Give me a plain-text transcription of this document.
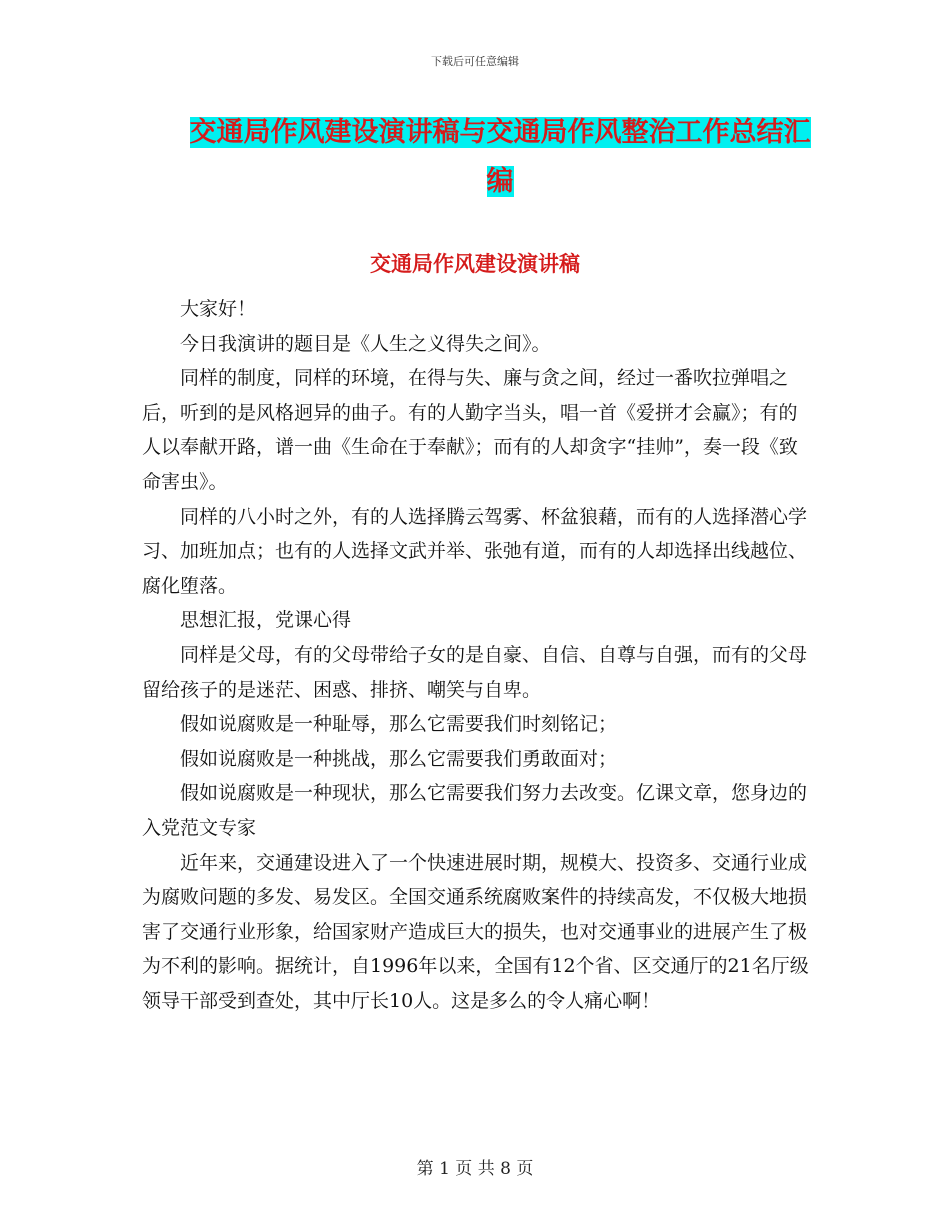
下载后可任意编辑
交通局作风建设演讲稿与交通局作风整治工作总结汇编
交通局作风建设演讲稿

大家好！

今日我演讲的题目是《人生之义得失之间》。

同样的制度，同样的环境，在得与失、廉与贪之间，经过一番吹拉弹唱之后，听到的是风格迥异的曲子。有的人勤字当头，唱一首《爱拼才会赢》；有的人以奉献开路，谱一曲《生命在于奉献》；而有的人却贪字“挂帅”，奏一段《致命害虫》。

同样的八小时之外，有的人选择腾云驾雾、杯盆狼藉，而有的人选择潜心学习、加班加点；也有的人选择文武并举、张弛有道，而有的人却选择出线越位、腐化堕落。

思想汇报，党课心得

同样是父母，有的父母带给子女的是自豪、自信、自尊与自强，而有的父母留给孩子的是迷茫、困惑、排挤、嘲笑与自卑。

假如说腐败是一种耻辱，那么它需要我们时刻铭记；

假如说腐败是一种挑战，那么它需要我们勇敢面对；

假如说腐败是一种现状，那么它需要我们努力去改变。亿课文章，您身边的入党范文专家

近年来，交通建设进入了一个快速进展时期，规模大、投资多、交通行业成为腐败问题的多发、易发区。全国交通系统腐败案件的持续高发，不仅极大地损害了交通行业形象，给国家财产造成巨大的损失，也对交通事业的进展产生了极为不利的影响。据统计，自1996年以来，全国有12个省、区交通厅的21名厅级领导干部受到查处，其中厅长10人。这是多么的令人痛心啊！

第 1 页 共 8 页
